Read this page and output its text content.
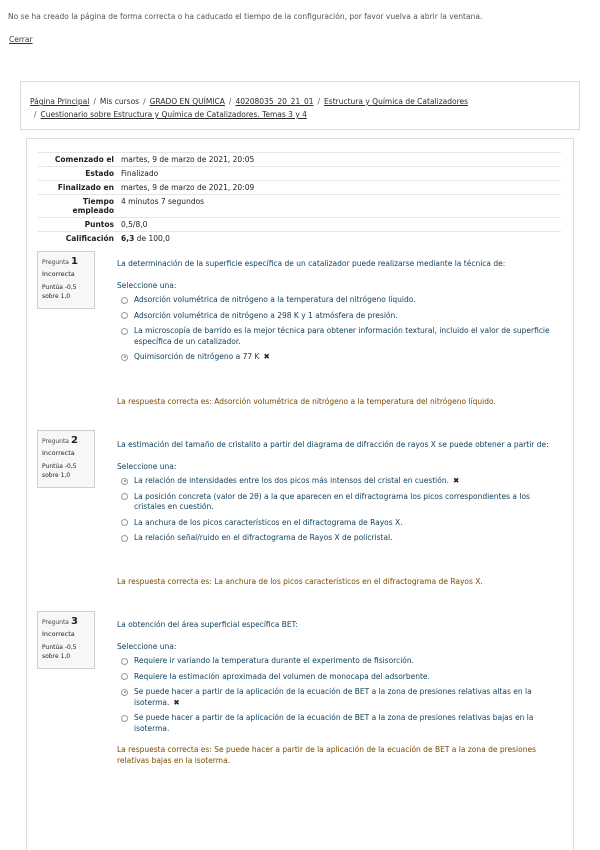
No se ha creado la página de forma correcta o ha caducado el tiempo de la configuración, por favor vuelva a abrir la ventana.
Cerrar
Página Principal / Mis cursos / GRADO EN QUÍMICA / 40208035_20_21_01 / Estructura y Química de Catalizadores
/ Cuestionario sobre Estructura y Química de Catalizadores. Temas 3 y 4
Comenzado el	martes, 9 de marzo de 2021, 20:05
Estado	Finalizado
Finalizado en	martes, 9 de marzo de 2021, 20:09
Tiempo empleado	4 minutos 7 segundos
Puntos	0,5/8,0
Calificación	6,3 de 100,0
Pregunta 1
Incorrecta
Puntúa -0,5 sobre 1,0
La determinación de la superficie específica de un catalizador puede realizarse mediante la técnica de:
Seleccione una:
Adsorción volumétrica de nitrógeno a la temperatura del nitrógeno líquido.
Adsorción volumétrica de nitrógeno a 298 K y 1 atmósfera de presión.
La microscopía de barrido es la mejor técnica para obtener información textural, incluido el valor de superficie específica de un catalizador.
Quimisorción de nitrógeno a 77 K ✖
La respuesta correcta es: Adsorción volumétrica de nitrógeno a la temperatura del nitrógeno líquido.
Pregunta 2
Incorrecta
Puntúa -0,5 sobre 1,0
La estimación del tamaño de cristalito a partir del diagrama de difracción de rayos X se puede obtener a partir de:
Seleccione una:
La relación de intensidades entre los dos picos más intensos del cristal en cuestión. ✖
La posición concreta (valor de 2θ) a la que aparecen en el difractograma los picos correspondientes a los cristales en cuestión.
La anchura de los picos característicos en el difractograma de Rayos X.
La relación señal/ruido en el difractograma de Rayos X de policristal.
La respuesta correcta es: La anchura de los picos característicos en el difractograma de Rayos X.
Pregunta 3
Incorrecta
Puntúa -0,5 sobre 1,0
La obtención del área superficial específica BET:
Seleccione una:
Requiere ir variando la temperatura durante el experimento de fisisorción.
Requiere la estimación aproximada del volumen de monocapa del adsorbente.
Se puede hacer a partir de la aplicación de la ecuación de BET a la zona de presiones relativas altas en la isoterma. ✖
Se puede hacer a partir de la aplicación de la ecuación de BET a la zona de presiones relativas bajas en la isoterma.
La respuesta correcta es: Se puede hacer a partir de la aplicación de la ecuación de BET a la zona de presiones relativas bajas en la isoterma.
